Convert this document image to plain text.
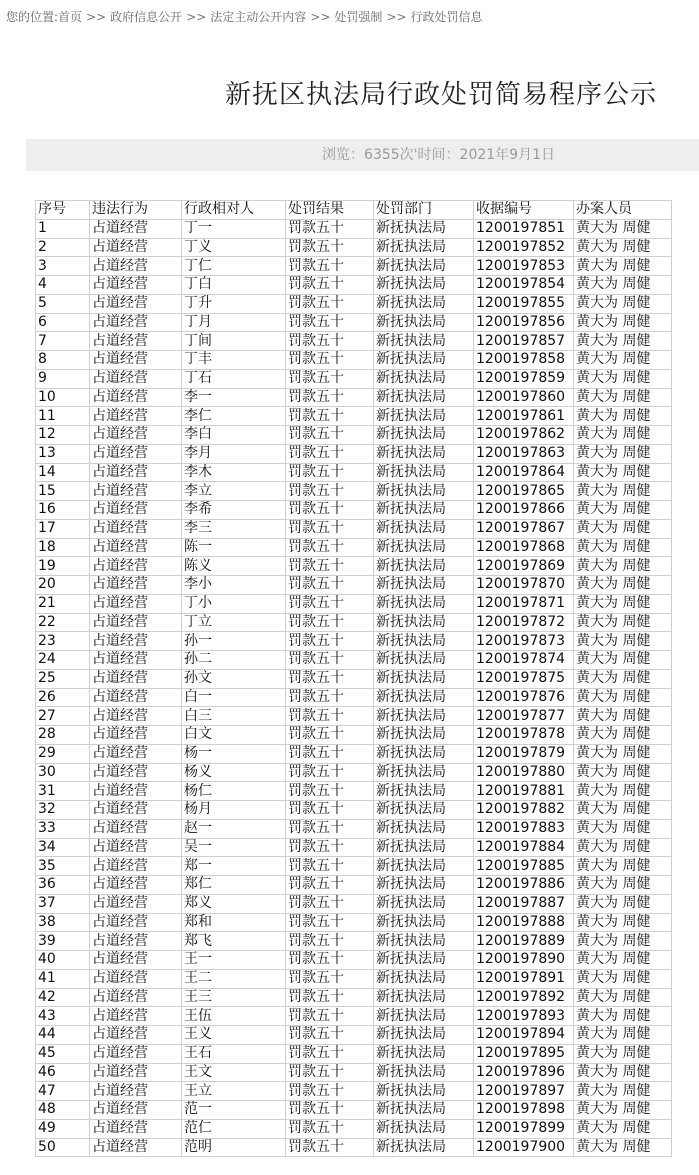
您的位置:首页 >> 政府信息公开 >> 法定主动公开内容 >> 处罚强制 >> 行政处罚信息
新抚区执法局行政处罚简易程序公示
浏览：6355次'时间：2021年9月1日
序号	违法行为	行政相对人	处罚结果	处罚部门	收据编号	办案人员
1	占道经营	丁一	罚款五十	新抚执法局	1200197851	黄大为 周健
2	占道经营	丁义	罚款五十	新抚执法局	1200197852	黄大为 周健
3	占道经营	丁仁	罚款五十	新抚执法局	1200197853	黄大为 周健
4	占道经营	丁白	罚款五十	新抚执法局	1200197854	黄大为 周健
5	占道经营	丁升	罚款五十	新抚执法局	1200197855	黄大为 周健
6	占道经营	丁月	罚款五十	新抚执法局	1200197856	黄大为 周健
7	占道经营	丁间	罚款五十	新抚执法局	1200197857	黄大为 周健
8	占道经营	丁丰	罚款五十	新抚执法局	1200197858	黄大为 周健
9	占道经营	丁石	罚款五十	新抚执法局	1200197859	黄大为 周健
10	占道经营	李一	罚款五十	新抚执法局	1200197860	黄大为 周健
11	占道经营	李仁	罚款五十	新抚执法局	1200197861	黄大为 周健
12	占道经营	李白	罚款五十	新抚执法局	1200197862	黄大为 周健
13	占道经营	李月	罚款五十	新抚执法局	1200197863	黄大为 周健
14	占道经营	李木	罚款五十	新抚执法局	1200197864	黄大为 周健
15	占道经营	李立	罚款五十	新抚执法局	1200197865	黄大为 周健
16	占道经营	李希	罚款五十	新抚执法局	1200197866	黄大为 周健
17	占道经营	李三	罚款五十	新抚执法局	1200197867	黄大为 周健
18	占道经营	陈一	罚款五十	新抚执法局	1200197868	黄大为 周健
19	占道经营	陈义	罚款五十	新抚执法局	1200197869	黄大为 周健
20	占道经营	李小	罚款五十	新抚执法局	1200197870	黄大为 周健
21	占道经营	丁小	罚款五十	新抚执法局	1200197871	黄大为 周健
22	占道经营	丁立	罚款五十	新抚执法局	1200197872	黄大为 周健
23	占道经营	孙一	罚款五十	新抚执法局	1200197873	黄大为 周健
24	占道经营	孙二	罚款五十	新抚执法局	1200197874	黄大为 周健
25	占道经营	孙文	罚款五十	新抚执法局	1200197875	黄大为 周健
26	占道经营	白一	罚款五十	新抚执法局	1200197876	黄大为 周健
27	占道经营	白三	罚款五十	新抚执法局	1200197877	黄大为 周健
28	占道经营	白文	罚款五十	新抚执法局	1200197878	黄大为 周健
29	占道经营	杨一	罚款五十	新抚执法局	1200197879	黄大为 周健
30	占道经营	杨义	罚款五十	新抚执法局	1200197880	黄大为 周健
31	占道经营	杨仁	罚款五十	新抚执法局	1200197881	黄大为 周健
32	占道经营	杨月	罚款五十	新抚执法局	1200197882	黄大为 周健
33	占道经营	赵一	罚款五十	新抚执法局	1200197883	黄大为 周健
34	占道经营	吴一	罚款五十	新抚执法局	1200197884	黄大为 周健
35	占道经营	郑一	罚款五十	新抚执法局	1200197885	黄大为 周健
36	占道经营	郑仁	罚款五十	新抚执法局	1200197886	黄大为 周健
37	占道经营	郑义	罚款五十	新抚执法局	1200197887	黄大为 周健
38	占道经营	郑和	罚款五十	新抚执法局	1200197888	黄大为 周健
39	占道经营	郑飞	罚款五十	新抚执法局	1200197889	黄大为 周健
40	占道经营	王一	罚款五十	新抚执法局	1200197890	黄大为 周健
41	占道经营	王二	罚款五十	新抚执法局	1200197891	黄大为 周健
42	占道经营	王三	罚款五十	新抚执法局	1200197892	黄大为 周健
43	占道经营	王伍	罚款五十	新抚执法局	1200197893	黄大为 周健
44	占道经营	王义	罚款五十	新抚执法局	1200197894	黄大为 周健
45	占道经营	王石	罚款五十	新抚执法局	1200197895	黄大为 周健
46	占道经营	王文	罚款五十	新抚执法局	1200197896	黄大为 周健
47	占道经营	王立	罚款五十	新抚执法局	1200197897	黄大为 周健
48	占道经营	范一	罚款五十	新抚执法局	1200197898	黄大为 周健
49	占道经营	范仁	罚款五十	新抚执法局	1200197899	黄大为 周健
50	占道经营	范明	罚款五十	新抚执法局	1200197900	黄大为 周健
